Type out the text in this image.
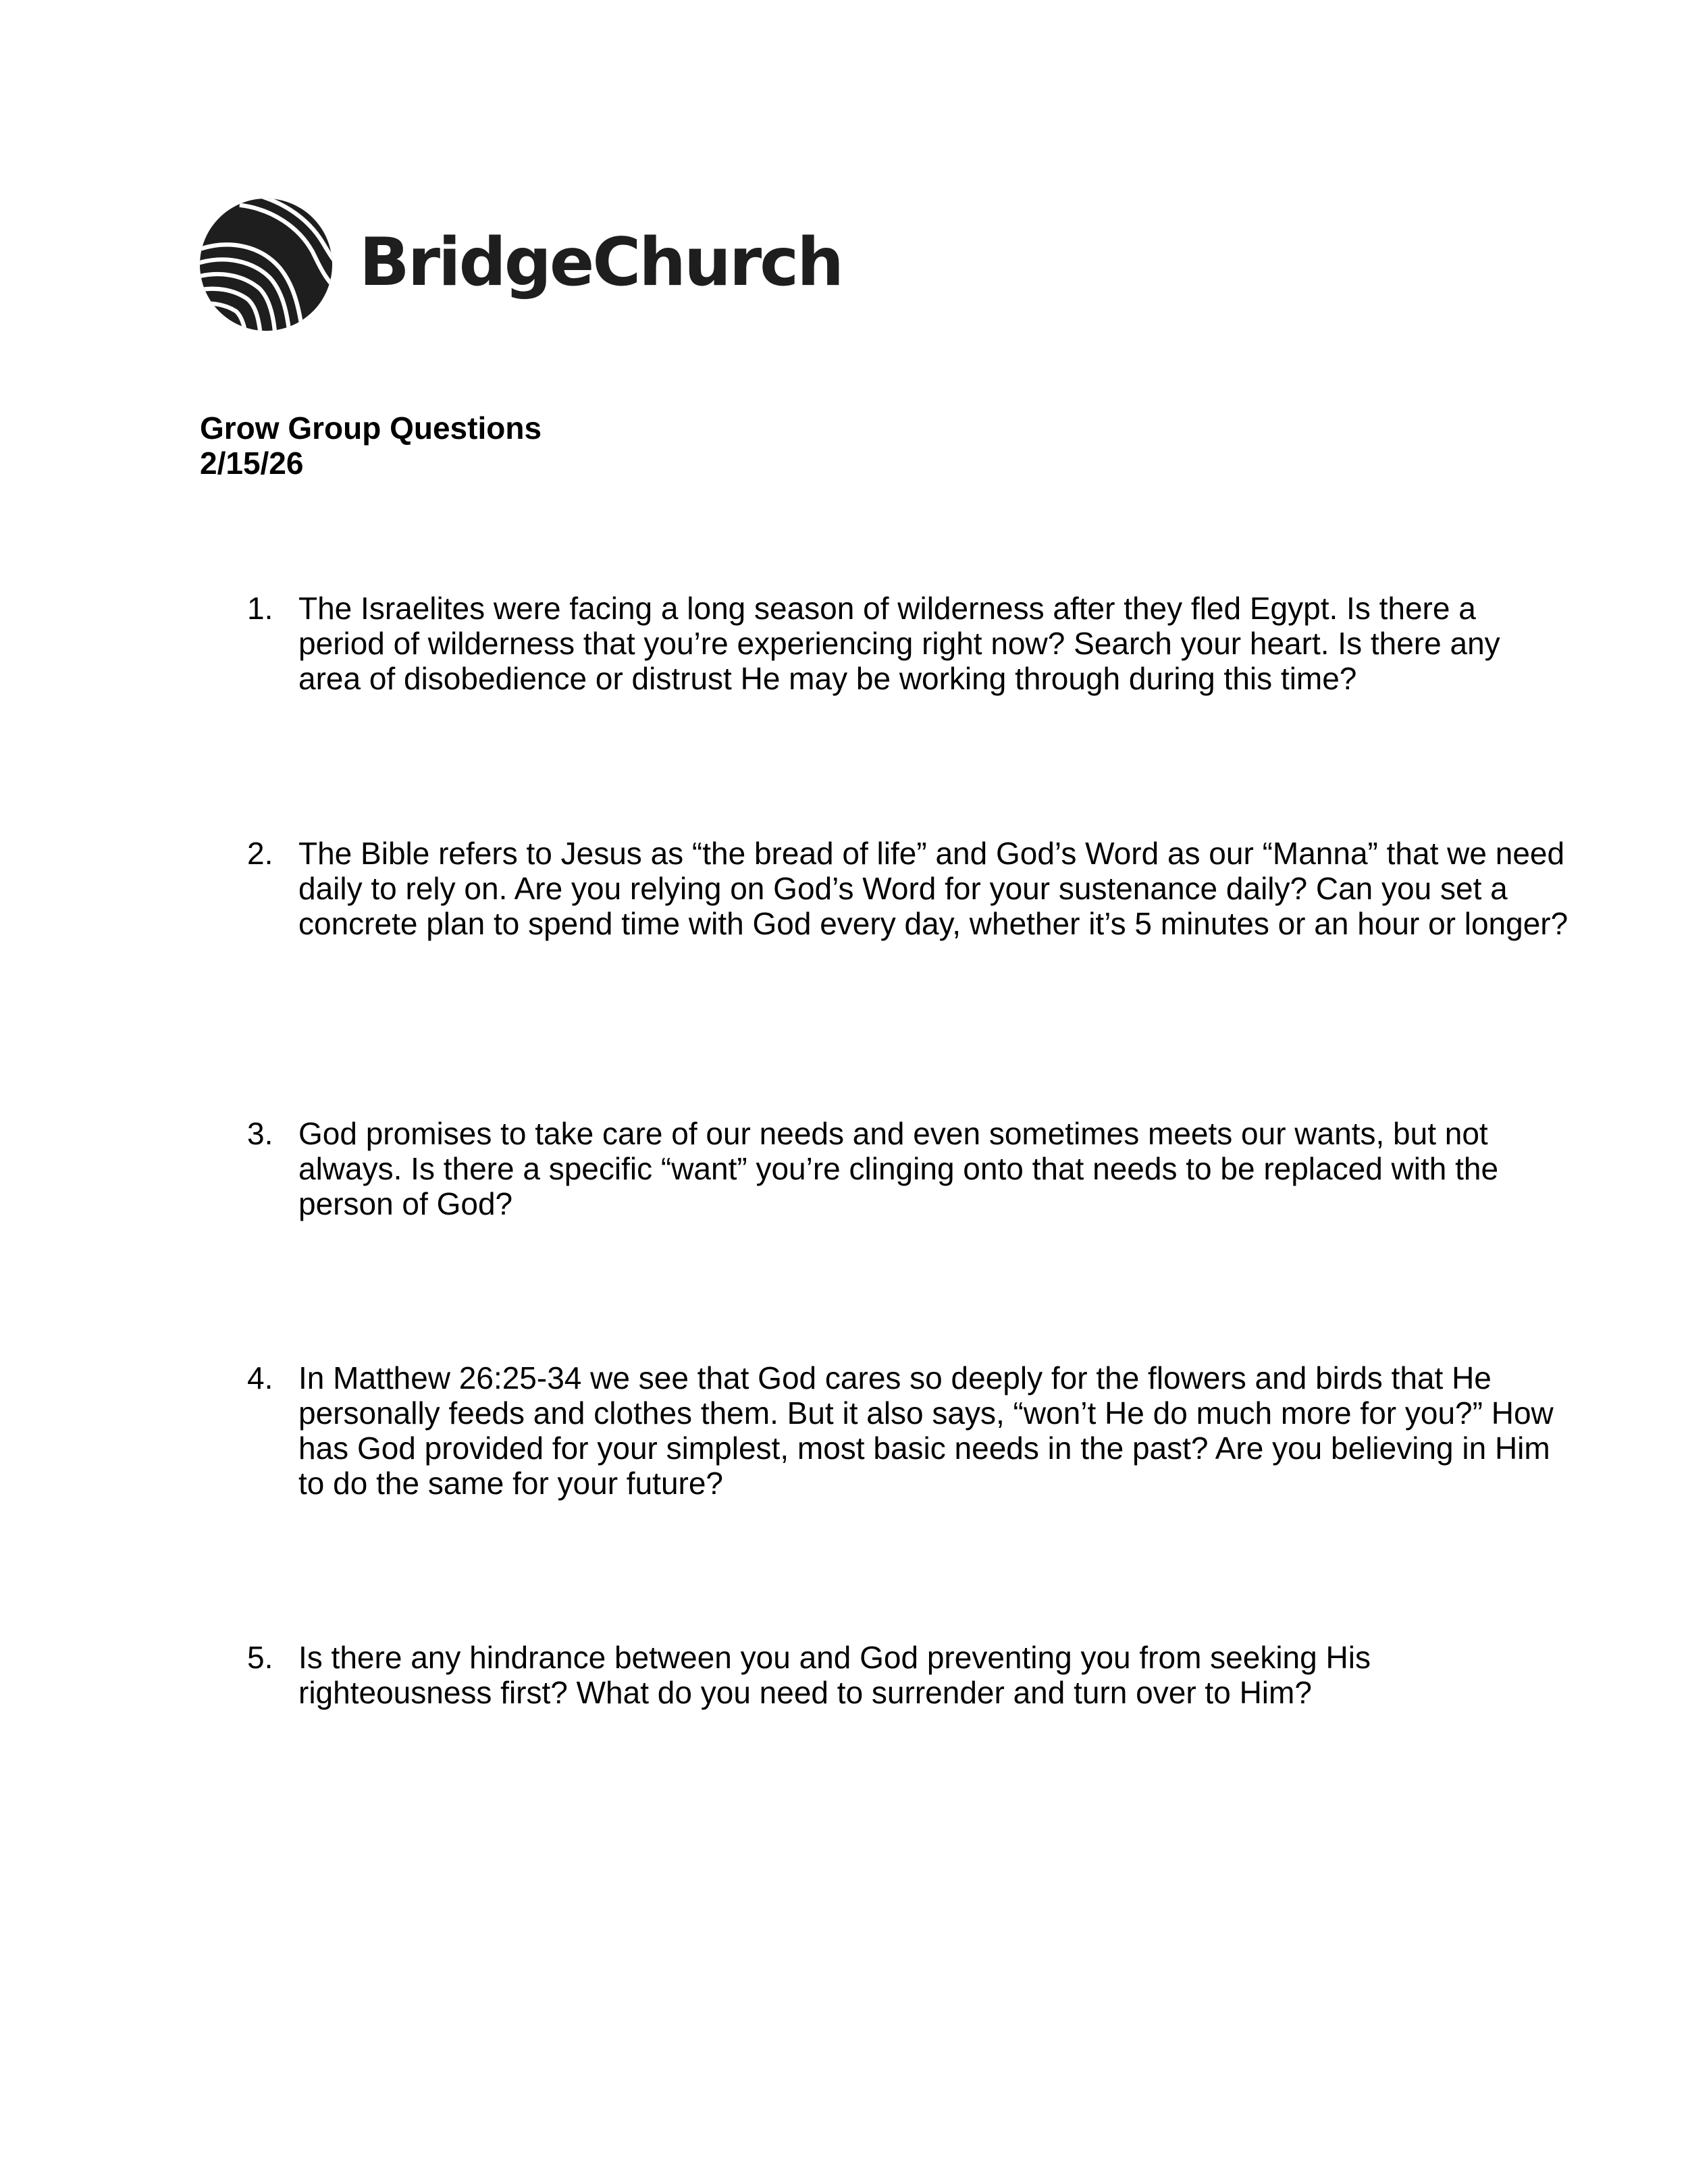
BridgeChurch
Grow Group Questions
2/15/26
1. The Israelites were facing a long season of wilderness after they fled Egypt. Is there a period of wilderness that you’re experiencing right now? Search your heart. Is there any area of disobedience or distrust He may be working through during this time?
2. The Bible refers to Jesus as “the bread of life” and God’s Word as our “Manna” that we need daily to rely on. Are you relying on God’s Word for your sustenance daily? Can you set a concrete plan to spend time with God every day, whether it’s 5 minutes or an hour or longer?
3. God promises to take care of our needs and even sometimes meets our wants, but not always. Is there a specific “want” you’re clinging onto that needs to be replaced with the person of God?
4. In Matthew 26:25-34 we see that God cares so deeply for the flowers and birds that He personally feeds and clothes them. But it also says, “won’t He do much more for you?” How has God provided for your simplest, most basic needs in the past? Are you believing in Him to do the same for your future?
5. Is there any hindrance between you and God preventing you from seeking His righteousness first? What do you need to surrender and turn over to Him?
